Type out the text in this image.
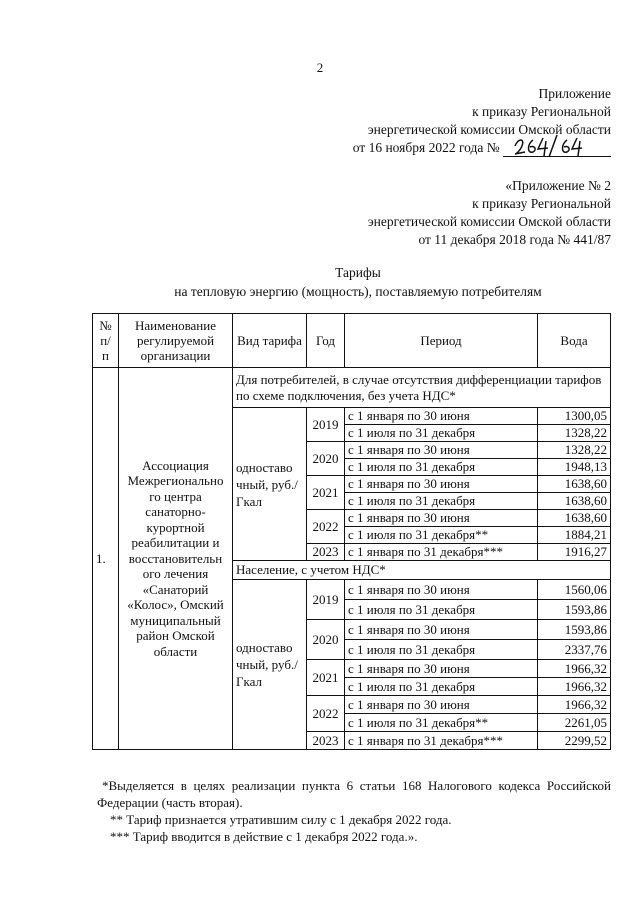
2
Приложение
к приказу Региональной
энергетической комиссии Омской области
от 16 ноября 2022 года №
«Приложение № 2
к приказу Региональной
энергетической комиссии Омской области
от 11 декабря 2018 года № 441/87
Тарифы
на тепловую энергию (мощность), поставляемую потребителям
№ п/ п	Наименование регулируемой организации	Вид тарифа	Год	Период	Вода
1.	Ассоциация Межрегионально го центра санаторно-курортной реабилитации и восстановительн ого лечения «Санаторий «Колос», Омский муниципальный район Омской области	Для потребителей, в случае отсутствия дифференциации тарифов по схеме подключения, без учета НДС*			
		одноставо чный, руб./Гкал	2019	с 1 января по 30 июня	1300,05
				с 1 июля по 31 декабря	1328,22
			2020	с 1 января по 30 июня	1328,22
				с 1 июля по 31 декабря	1948,13
			2021	с 1 января по 30 июня	1638,60
				с 1 июля по 31 декабря	1638,60
			2022	с 1 января по 30 июня	1638,60
				с 1 июля по 31 декабря**	1884,21
			2023	с 1 января по 31 декабря***	1916,27
		Население, с учетом НДС*			
		одноставо чный, руб./Гкал	2019	с 1 января по 30 июня	1560,06
				с 1 июля по 31 декабря	1593,86
			2020	с 1 января по 30 июня	1593,86
				с 1 июля по 31 декабря	2337,76
			2021	с 1 января по 30 июня	1966,32
				с 1 июля по 31 декабря	1966,32
			2022	с 1 января по 30 июня	1966,32
				с 1 июля по 31 декабря**	2261,05
			2023	с 1 января по 31 декабря***	2299,52

*Выделяется в целях реализации пункта 6 статьи 168 Налогового кодекса Российской Федерации (часть вторая).

** Тариф признается утратившим силу с 1 декабря 2022 года.

*** Тариф вводится в действие с 1 декабря 2022 года.».
